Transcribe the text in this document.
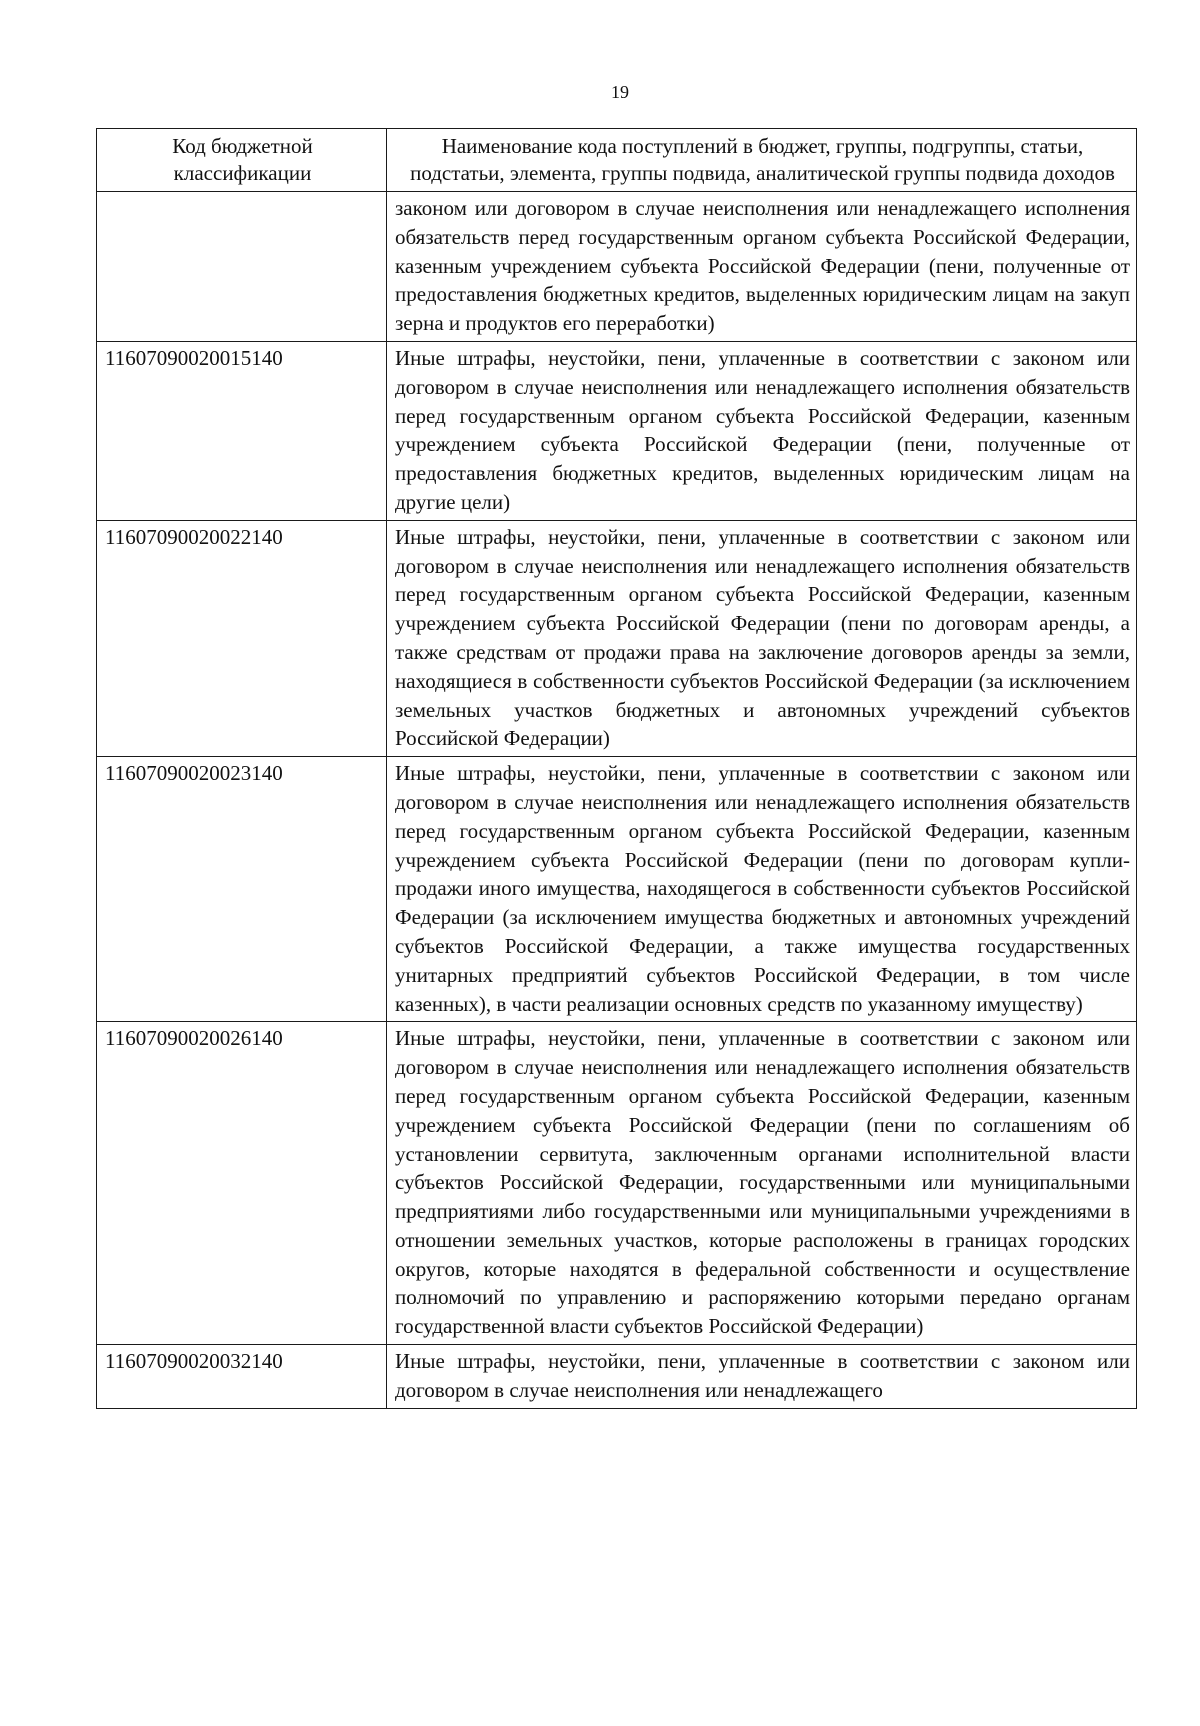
19
Код бюджетной классификации	Наименование кода поступлений в бюджет, группы, подгруппы, статьи, подстатьи, элемента, группы подвида, аналитической группы подвида доходов
	законом или договором в случае неисполнения или ненадлежащего исполнения обязательств перед государственным органом субъекта Российской Федерации, казенным учреждением субъекта Российской Федерации (пени, полученные от предоставления бюджетных кредитов, выделенных юридическим лицам на закуп зерна и продуктов его переработки)
11607090020015140	Иные штрафы, неустойки, пени, уплаченные в соответствии с законом или договором в случае неисполнения или ненадлежащего исполнения обязательств перед государственным органом субъекта Российской Федерации, казенным учреждением субъекта Российской Федерации (пени, полученные от предоставления бюджетных кредитов, выделенных юридическим лицам на другие цели)
11607090020022140	Иные штрафы, неустойки, пени, уплаченные в соответствии с законом или договором в случае неисполнения или ненадлежащего исполнения обязательств перед государственным органом субъекта Российской Федерации, казенным учреждением субъекта Российской Федерации (пени по договорам аренды, а также средствам от продажи права на заключение договоров аренды за земли, находящиеся в собственности субъектов Российской Федерации (за исключением земельных участков бюджетных и автономных учреждений субъектов Российской Федерации)
11607090020023140	Иные штрафы, неустойки, пени, уплаченные в соответствии с законом или договором в случае неисполнения или ненадлежащего исполнения обязательств перед государственным органом субъекта Российской Федерации, казенным учреждением субъекта Российской Федерации (пени по договорам купли-продажи иного имущества, находящегося в собственности субъектов Российской Федерации (за исключением имущества бюджетных и автономных учреждений субъектов Российской Федерации, а также имущества государственных унитарных предприятий субъектов Российской Федерации, в том числе казенных), в части реализации основных средств по указанному имуществу)
11607090020026140	Иные штрафы, неустойки, пени, уплаченные в соответствии с законом или договором в случае неисполнения или ненадлежащего исполнения обязательств перед государственным органом субъекта Российской Федерации, казенным учреждением субъекта Российской Федерации (пени по соглашениям об установлении сервитута, заключенным органами исполнительной власти субъектов Российской Федерации, государственными или муниципальными предприятиями либо государственными или муниципальными учреждениями в отношении земельных участков, которые расположены в границах городских округов, которые находятся в федеральной собственности и осуществление полномочий по управлению и распоряжению которыми передано органам государственной власти субъектов Российской Федерации)
11607090020032140	Иные штрафы, неустойки, пени, уплаченные в соответствии с законом или договором в случае неисполнения или ненадлежащего
